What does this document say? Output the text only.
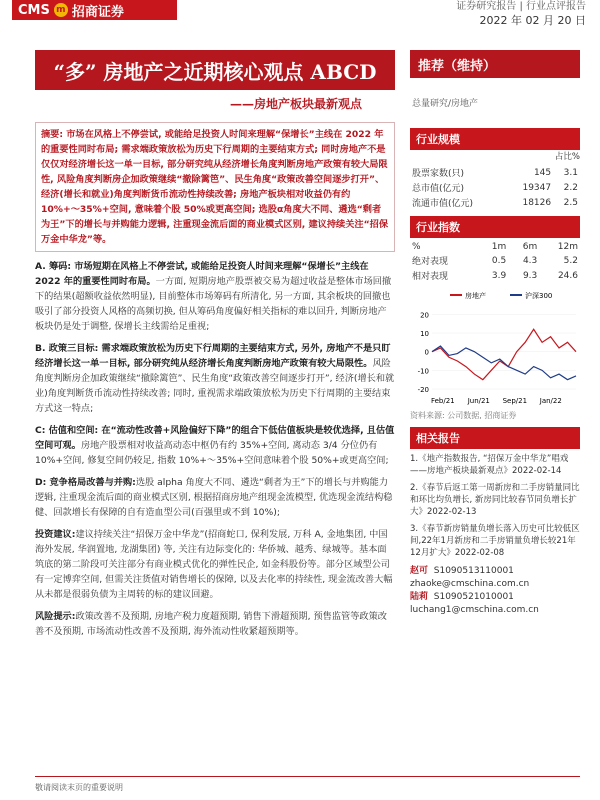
CMS m 招商证券	证券研究报告 | 行业点评报告
2022 年 02 月 20 日
“多” 房地产之近期核心观点 ABCD
——房地产板块最新观点
推荐（维持）
总量研究/房地产
摘要: 市场在风格上不停尝试, 或能给足投资人时间来理解“保增长”主线在 2022 年的重要性同时布局; 需求端政策放松为历史下行周期的主要结束方式; 同时房地产不是仅仅对经济增长这一单一目标, 部分研究纯从经济增长角度判断房地产政策有较大局限性, 风险角度判断房企加政策继续“撤除篱笆”、民生角度“政策改善空间逐步打开”、经济(增长和就业)角度判断货币流动性持续改善; 房地产板块相对收益仍有约 10%+～35%+空间, 意味着个股 50%或更高空间; 选股α角度大不同、遴选“剩者为王”下的增长与并购能力逻辑, 注重现金流后面的商业模式区别, 建议持续关注“招保万金中华龙”等。
A. 筹码: 市场短期在风格上不停尝试, 或能给足投资人时间来理解“保增长”主线在 2022 年的重要性同时布局。一方面, 短期房地产股票被交易为超过收益是整体市场回撤下的结果(超额收益依然明显), 目前整体市场筹码有所清化, 另一方面, 其余板块的回撤也吸引了部分投资人风格的高频切换, 但从筹码角度偏好相关指标的难以回升, 判断房地产板块仍是处于调整, 保增长主线需给足重视;
B. 政策三目标: 需求端政策放松为历史下行周期的主要结束方式, 另外, 房地产不是只盯经济增长这一单一目标, 部分研究纯从经济增长角度判断房地产政策有较大局限性。风险角度判断房企加政策继续“撤除篱笆”、民生角度“政策改善空间逐步打开”, 经济(增长和就业)角度判断货币流动性持续改善; 同时, 重视需求端政策放松为历史下行周期的主要结束方式这一特点;
C: 估值和空间: 在“流动性改善+风险偏好下降”的组合下低估值板块是较优选择, 且估值空间可观。房地产股票相对收益高动态中枢仍有约 35%+空间, 离动态 3/4 分位仍有 10%+空间, 修复空间仍较足, 指数 10%+～35%+空间意味着个股 50%+或更高空间;
D: 竞争格局改善与并购:选股 alpha 角度大不同、遴选“剩者为王”下的增长与并购能力逻辑, 注重现金流后面的商业模式区别, 根据招商房地产组现金流模型, 优选现金流结构稳健、回款增长有保障的自有造血型公司(百强里或不到 10%);
投资建议:建议持续关注“招保万金中华龙”(招商蛇口, 保利发展, 万科 A, 金地集团, 中国海外发展, 华润置地, 龙湖集团) 等, 关注有边际变化的: 华侨城、越秀、绿城等。基本面筑底的第二阶段可关注部分有商业模式优化的弹性民企, 如金科股份等。部分区域型公司有一定博弈空间, 但需关注货值对销售增长的保障, 以及去化率的持续性, 现金流改善大幅从未都是很弱负债为主周转的标的建议回避。
风险提示:政策改善不及预期, 房地产税力度超预期, 销售下滑超预期, 预售监管等政策改善不及预期, 市场流动性改善不及预期, 海外流动性收紧超预期等。
行业规模
占比%
股票家数(只)	145	3.1
总市值(亿元)	19347	2.2
流通市值(亿元)	18126	2.5
行业指数
%	1m	6m	12m
绝对表现	0.5	4.3	5.2
相对表现	3.9	9.3	24.6
房地产	沪深300
20
10
0
-10
-20
Feb/21 Jun/21 Sep/21 Jan/22
资料来源: 公司数据, 招商证券
相关报告
1.《地产指数报告, “招保万金中华龙”唱戏——房地产板块最新观点》2022-02-14
2.《春节后返工第一周新房和二手房销量同比和环比均负增长, 新房同比较春节同负增长扩大》2022-02-13
3.《春节新房销量负增长落入历史可比较低区间,22年1月新房和二手房销量负增长较21年12月扩大》2022-02-08
赵可 S1090513110001
zhaoke@cmschina.com.cn
陆莉 S1090521010001
luchang1@cmschina.com.cn
敬请阅读末页的重要说明
